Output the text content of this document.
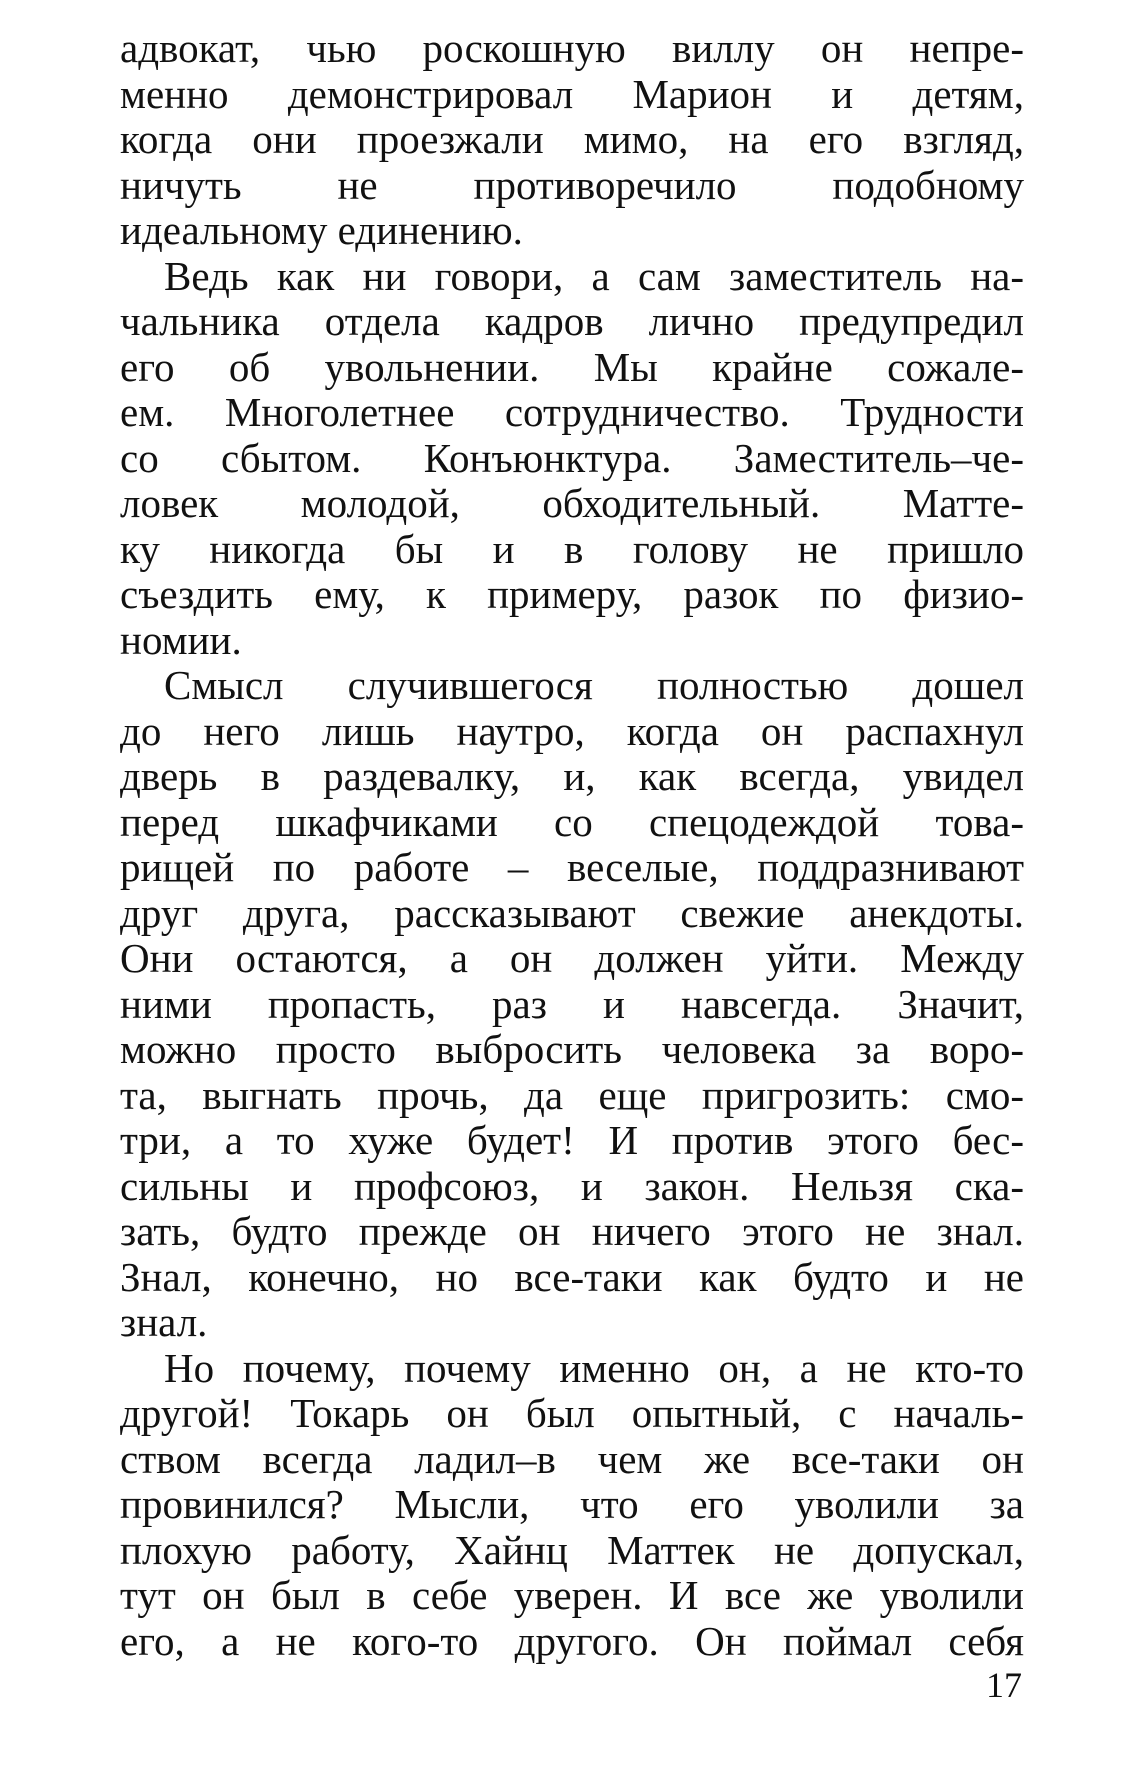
адвокат, чью роскошную виллу он непре-
менно демонстрировал Марион и детям,
когда они проезжали мимо, на его взгляд,
ничуть не противоречило подобному
идеальному единению.
Ведь как ни говори, а сам заместитель на-
чальника отдела кадров лично предупредил
его об увольнении. Мы крайне сожале-
ем. Многолетнее сотрудничество. Трудности
со сбытом. Конъюнктура. Заместитель–че-
ловек молодой, обходительный. Матте-
ку никогда бы и в голову не пришло
съездить ему, к примеру, разок по физио-
номии.
Смысл случившегося полностью дошел
до него лишь наутро, когда он распахнул
дверь в раздевалку, и, как всегда, увидел
перед шкафчиками со спецодеждой това-
рищей по работе – веселые, поддразнивают
друг друга, рассказывают свежие анекдоты.
Они остаются, а он должен уйти. Между
ними пропасть, раз и навсегда. Значит,
можно просто выбросить человека за воро-
та, выгнать прочь, да еще пригрозить: смо-
три, а то хуже будет! И против этого бес-
сильны и профсоюз, и закон. Нельзя ска-
зать, будто прежде он ничего этого не знал.
Знал, конечно, но все-таки как будто и не
знал.
Но почему, почему именно он, а не кто-то
другой! Токарь он был опытный, с началь-
ством всегда ладил–в чем же все-таки он
провинился? Мысли, что его уволили за
плохую работу, Хайнц Маттек не допускал,
тут он был в себе уверен. И все же уволили
его, а не кого-то другого. Он поймал себя
17
